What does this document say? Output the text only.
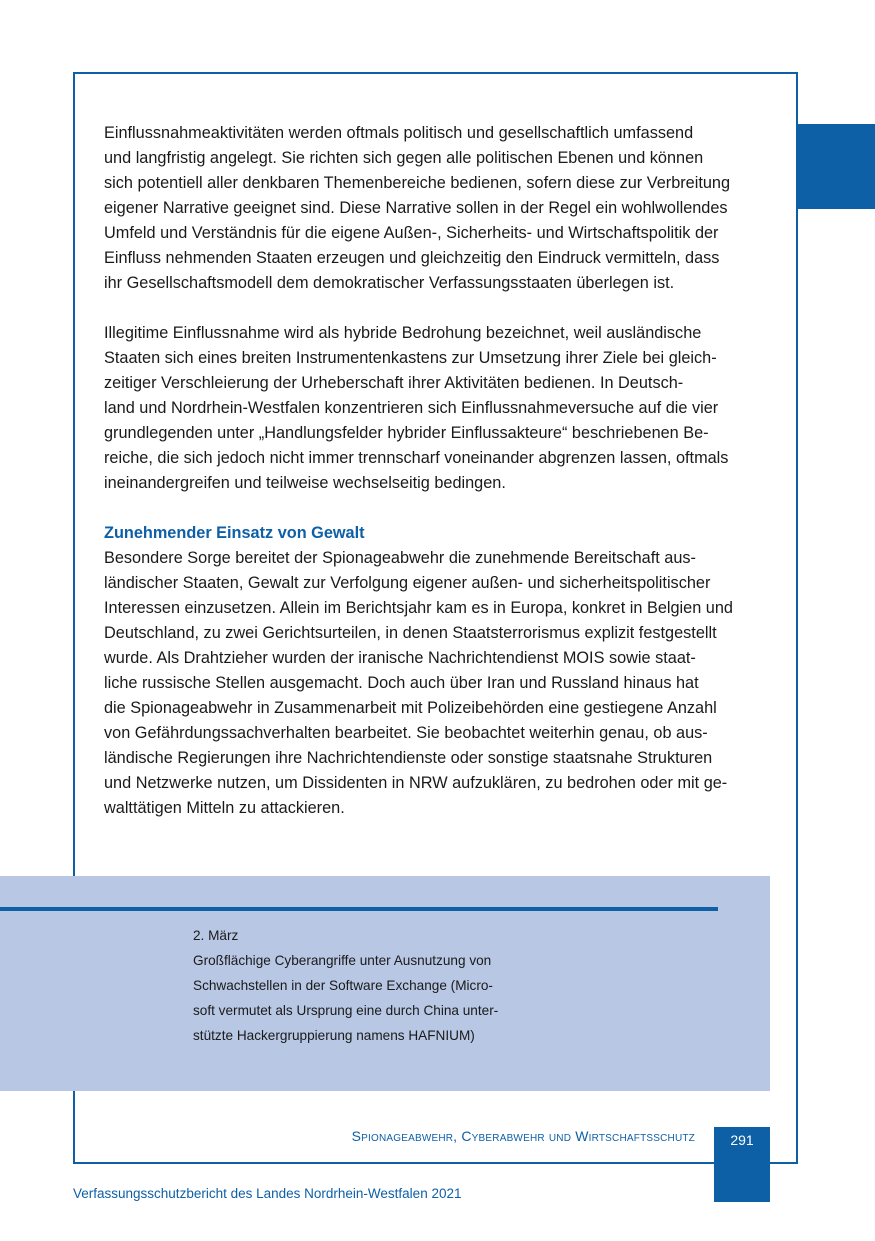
Einflussnahmeaktivitäten werden oftmals politisch und gesellschaftlich umfassend
und langfristig angelegt. Sie richten sich gegen alle politischen Ebenen und können
sich potentiell aller denkbaren Themenbereiche bedienen, sofern diese zur Verbreitung
eigener Narrative geeignet sind. Diese Narrative sollen in der Regel ein wohlwollendes
Umfeld und Verständnis für die eigene Außen-, Sicherheits- und Wirtschaftspolitik der
Einfluss nehmenden Staaten erzeugen und gleichzeitig den Eindruck vermitteln, dass
ihr Gesellschaftsmodell dem demokratischer Verfassungsstaaten überlegen ist.

Illegitime Einflussnahme wird als hybride Bedrohung bezeichnet, weil ausländische
Staaten sich eines breiten Instrumentenkastens zur Umsetzung ihrer Ziele bei gleich-
zeitiger Verschleierung der Urheberschaft ihrer Aktivitäten bedienen. In Deutsch-
land und Nordrhein-Westfalen konzentrieren sich Einflussnahmeversuche auf die vier
grundlegenden unter „Handlungsfelder hybrider Einflussakteure“ beschriebenen Be-
reiche, die sich jedoch nicht immer trennscharf voneinander abgrenzen lassen, oftmals
ineinandergreifen und teilweise wechselseitig bedingen.

Zunehmender Einsatz von Gewalt

Besondere Sorge bereitet der Spionageabwehr die zunehmende Bereitschaft aus-
ländischer Staaten, Gewalt zur Verfolgung eigener außen- und sicherheitspolitischer
Interessen einzusetzen. Allein im Berichtsjahr kam es in Europa, konkret in Belgien und
Deutschland, zu zwei Gerichtsurteilen, in denen Staatsterrorismus explizit festgestellt
wurde. Als Drahtzieher wurden der iranische Nachrichtendienst MOIS sowie staat-
liche russische Stellen ausgemacht. Doch auch über Iran und Russland hinaus hat
die Spionageabwehr in Zusammenarbeit mit Polizeibehörden eine gestiegene Anzahl
von Gefährdungssachverhalten bearbeitet. Sie beobachtet weiterhin genau, ob aus-
ländische Regierungen ihre Nachrichtendienste oder sonstige staatsnahe Strukturen
und Netzwerke nutzen, um Dissidenten in NRW aufzuklären, zu bedrohen oder mit ge-
walttätigen Mitteln zu attackieren.

2. März
Großflächige Cyberangriffe unter Ausnutzung von
Schwachstellen in der Software Exchange (Micro-
soft vermutet als Ursprung eine durch China unter-
stützte Hackergruppierung namens HAFNIUM)
Spionageabwehr, Cyberabwehr und Wirtschaftsschutz	291
Verfassungsschutzbericht des Landes Nordrhein-Westfalen 2021
